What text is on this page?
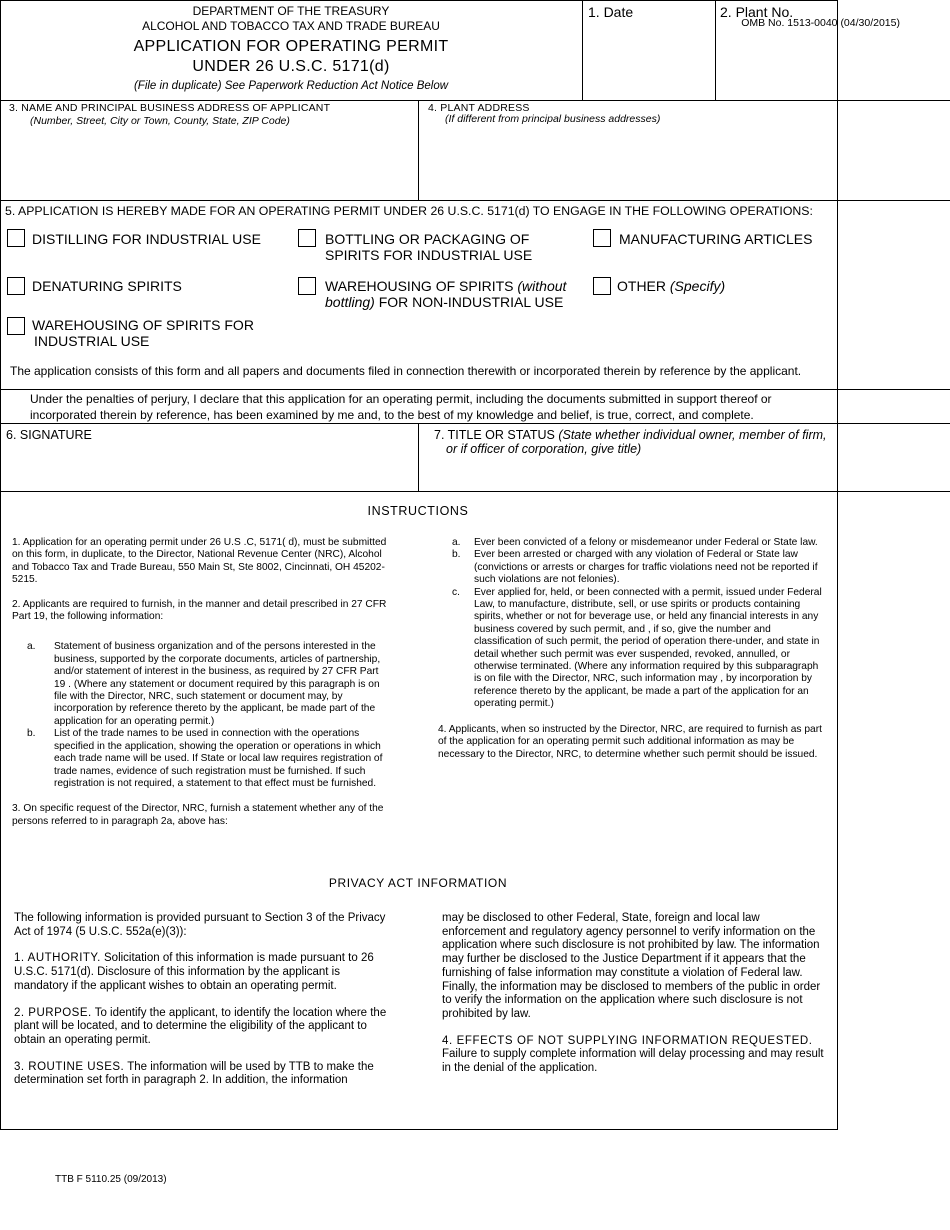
OMB No. 1513-0040 (04/30/2015)
DEPARTMENT OF THE TREASURY
ALCOHOL AND TOBACCO TAX AND TRADE BUREAU
APPLICATION FOR OPERATING PERMIT
UNDER 26 U.S.C. 5171(d)
(File in duplicate) See Paperwork Reduction Act Notice Below
1. Date	2. Plant No.
3. NAME AND PRINCIPAL BUSINESS ADDRESS OF APPLICANT
(Number, Street, City or Town, County, State, ZIP Code)
4. PLANT ADDRESS
(If different from principal business addresses)
5. APPLICATION IS HEREBY MADE FOR AN OPERATING PERMIT UNDER 26 U.S.C. 5171(d) TO ENGAGE IN THE FOLLOWING OPERATIONS:
DISTILLING FOR INDUSTRIAL USE	BOTTLING OR PACKAGING OF
SPIRITS FOR INDUSTRIAL USE
MANUFACTURING ARTICLES
DENATURING SPIRITS	WAREHOUSING OF SPIRITS (without
bottling) FOR NON-INDUSTRIAL USE
OTHER (Specify)
WAREHOUSING OF SPIRITS FOR
INDUSTRIAL USE
The application consists of this form and all papers and documents filed in connection therewith or incorporated therein by reference by the applicant.
Under the penalties of perjury, I declare that this application for an operating permit, including the documents submitted in support thereof or
incorporated therein by reference, has been examined by me and, to the best of my knowledge and belief, is true, correct, and complete.
6. SIGNATURE	7. TITLE OR STATUS (State whether individual owner, member of firm,
or if officer of corporation, give title)
INSTRUCTIONS

1. Application for an operating permit under 26 U.S .C, 5171( d), must be submitted on this form, in duplicate, to the Director, National Revenue Center (NRC), Alcohol and Tobacco Tax and Trade Bureau, 550 Main St, Ste 8002, Cincinnati, OH 45202-5215.

2. Applicants are required to furnish, in the manner and detail prescribed in 27 CFR Part 19, the following information:

a.	Statement of business organization and of the persons interested in the business, supported by the corporate documents, articles of partnership, and/or statement of interest in the business, as required by 27 CFR Part 19 . (Where any statement or document required by this paragraph is on file with the Director, NRC, such statement or document may, by incorporation by reference thereto by the applicant, be made part of the application for an operating permit.)
b.	List of the trade names to be used in connection with the operations specified in the application, showing the operation or operations in which each trade name will be used. If State or local law requires registration of trade names, evidence of such registration must be furnished. If such registration is not required, a statement to that effect must be furnished.

3. On specific request of the Director, NRC, furnish a statement whether any of the persons referred to in paragraph 2a, above has:

a.	Ever been convicted of a felony or misdemeanor under Federal or State law.
b.	Ever been arrested or charged with any violation of Federal or State law (convictions or arrests or charges for traffic violations need not be reported if such violations are not felonies).
c.	Ever applied for, held, or been connected with a permit, issued under Federal Law, to manufacture, distribute, sell, or use spirits or products containing spirits, whether or not for beverage use, or held any financial interests in any business covered by such permit, and , if so, give the number and classification of such permit, the period of operation there-under, and state in detail whether such permit was ever suspended, revoked, annulled, or otherwise terminated. (Where any information required by this subparagraph is on file with the Director, NRC, such information may , by incorporation by reference thereto by the applicant, be made a part of the application for an operating permit.)

4. Applicants, when so instructed by the Director, NRC, are required to furnish as part of the application for an operating permit such additional information as may be necessary to the Director, NRC, to determine whether such permit should be issued.

PRIVACY ACT INFORMATION

The following information is provided pursuant to Section 3 of the Privacy Act of 1974 (5 U.S.C. 552a(e)(3)):

1. AUTHORITY. Solicitation of this information is made pursuant to 26 U.S.C. 5171(d). Disclosure of this information by the applicant is mandatory if the applicant wishes to obtain an operating permit.

2. PURPOSE. To identify the applicant, to identify the location where the plant will be located, and to determine the eligibility of the applicant to obtain an operating permit.

3. ROUTINE USES. The information will be used by TTB to make the determination set forth in paragraph 2. In addition, the information

may be disclosed to other Federal, State, foreign and local law enforcement and regulatory agency personnel to verify information on the application where such disclosure is not prohibited by law. The information may further be disclosed to the Justice Department if it appears that the furnishing of false information may constitute a violation of Federal law. Finally, the information may be disclosed to members of the public in order to verify the information on the application where such disclosure is not prohibited by law.

4. EFFECTS OF NOT SUPPLYING INFORMATION REQUESTED.

Failure to supply complete information will delay processing and may result in the denial of the application.

TTB F 5110.25 (09/2013)
